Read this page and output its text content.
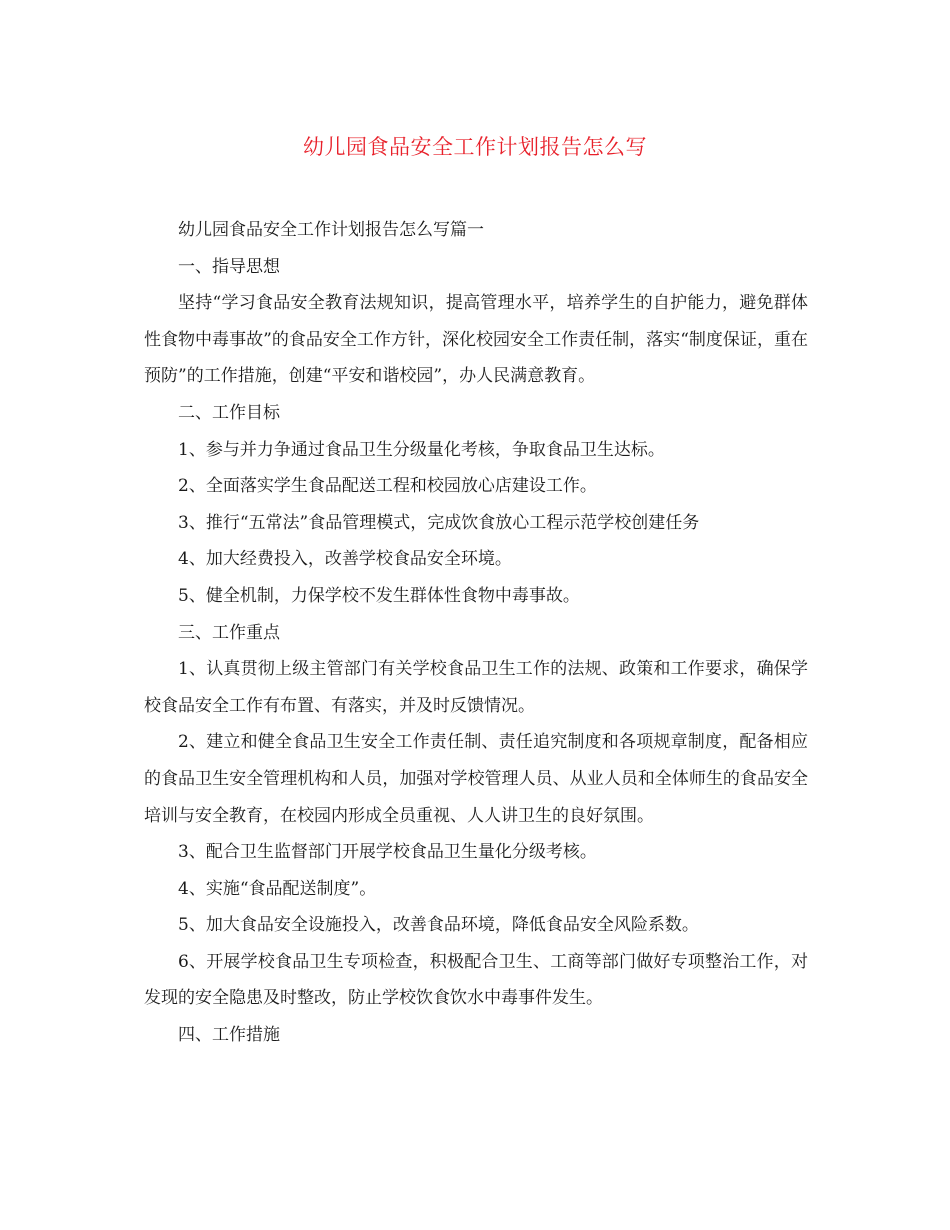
幼儿园食品安全工作计划报告怎么写

幼儿园食品安全工作计划报告怎么写篇一

一、指导思想

坚持“学习食品安全教育法规知识，提高管理水平，培养学生的自护能力，避免群体性食物中毒事故”的食品安全工作方针，深化校园安全工作责任制，落实“制度保证，重在预防”的工作措施，创建“平安和谐校园”，办人民满意教育。

二、工作目标

1、参与并力争通过食品卫生分级量化考核，争取食品卫生达标。

2、全面落实学生食品配送工程和校园放心店建设工作。

3、推行“五常法”食品管理模式，完成饮食放心工程示范学校创建任务

4、加大经费投入，改善学校食品安全环境。

5、健全机制，力保学校不发生群体性食物中毒事故。

三、工作重点

1、认真贯彻上级主管部门有关学校食品卫生工作的法规、政策和工作要求，确保学校食品安全工作有布置、有落实，并及时反馈情况。

2、建立和健全食品卫生安全工作责任制、责任追究制度和各项规章制度，配备相应的食品卫生安全管理机构和人员，加强对学校管理人员、从业人员和全体师生的食品安全培训与安全教育，在校园内形成全员重视、人人讲卫生的良好氛围。

3、配合卫生监督部门开展学校食品卫生量化分级考核。

4、实施“食品配送制度”。

5、加大食品安全设施投入，改善食品环境，降低食品安全风险系数。

6、开展学校食品卫生专项检查，积极配合卫生、工商等部门做好专项整治工作，对发现的安全隐患及时整改，防止学校饮食饮水中毒事件发生。

四、工作措施
